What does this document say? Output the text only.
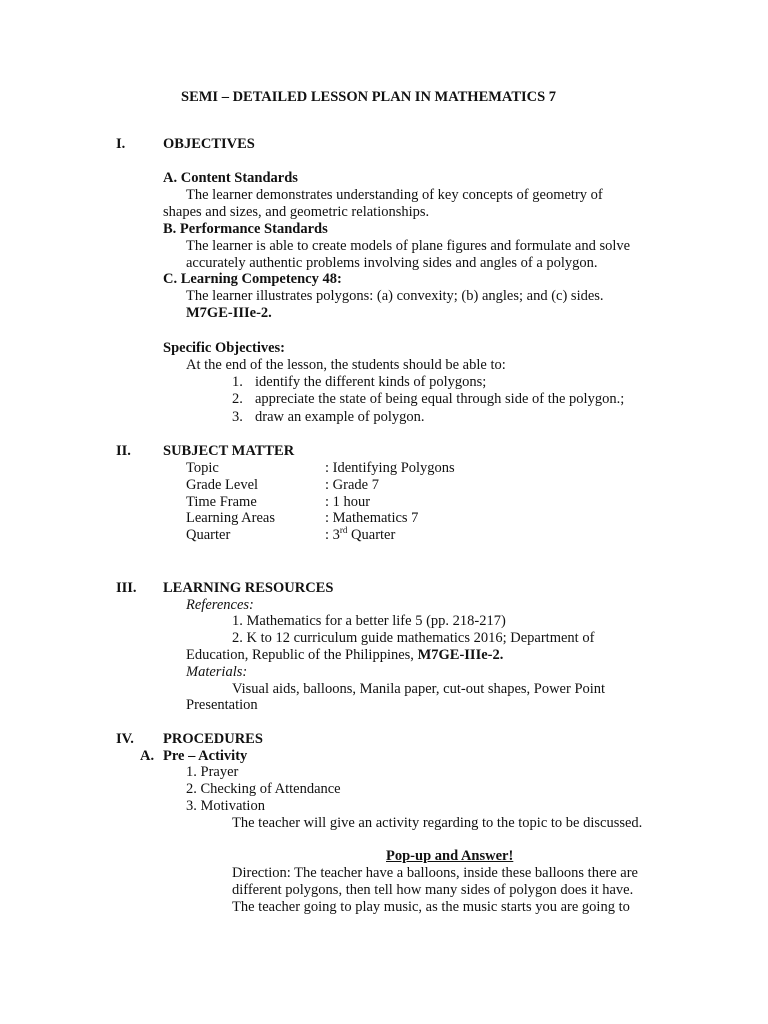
SEMI – DETAILED LESSON PLAN IN MATHEMATICS 7
I.	OBJECTIVES
A. Content Standards
The learner demonstrates understanding of key concepts of geometry of
shapes and sizes, and geometric relationships.
B. Performance Standards
The learner is able to create models of plane figures and formulate and solve
accurately authentic problems involving sides and angles of a polygon.
C. Learning Competency 48:
The learner illustrates polygons: (a) convexity; (b) angles; and (c) sides.
M7GE-IIIe-2.
Specific Objectives:
At the end of the lesson, the students should be able to:
1. identify the different kinds of polygons;
2. appreciate the state of being equal through side of the polygon.;
3. draw an example of polygon.
II. SUBJECT MATTER
Topic	: Identifying Polygons
Grade Level	: Grade 7
Time Frame	: 1 hour
Learning Areas	: Mathematics 7
Quarter	: 3rd Quarter
III. LEARNING RESOURCES
References:
1. Mathematics for a better life 5 (pp. 218-217)
2. K to 12 curriculum guide mathematics 2016; Department of
Education, Republic of the Philippines, M7GE-IIIe-2.
Materials:
Visual aids, balloons, Manila paper, cut-out shapes, Power Point
Presentation
IV. PROCEDURES
A. Pre – Activity
1. Prayer
2. Checking of Attendance
3. Motivation
The teacher will give an activity regarding to the topic to be discussed.
Pop-up and Answer!
Direction: The teacher have a balloons, inside these balloons there are
different polygons, then tell how many sides of polygon does it have.
The teacher going to play music, as the music starts you are going to
